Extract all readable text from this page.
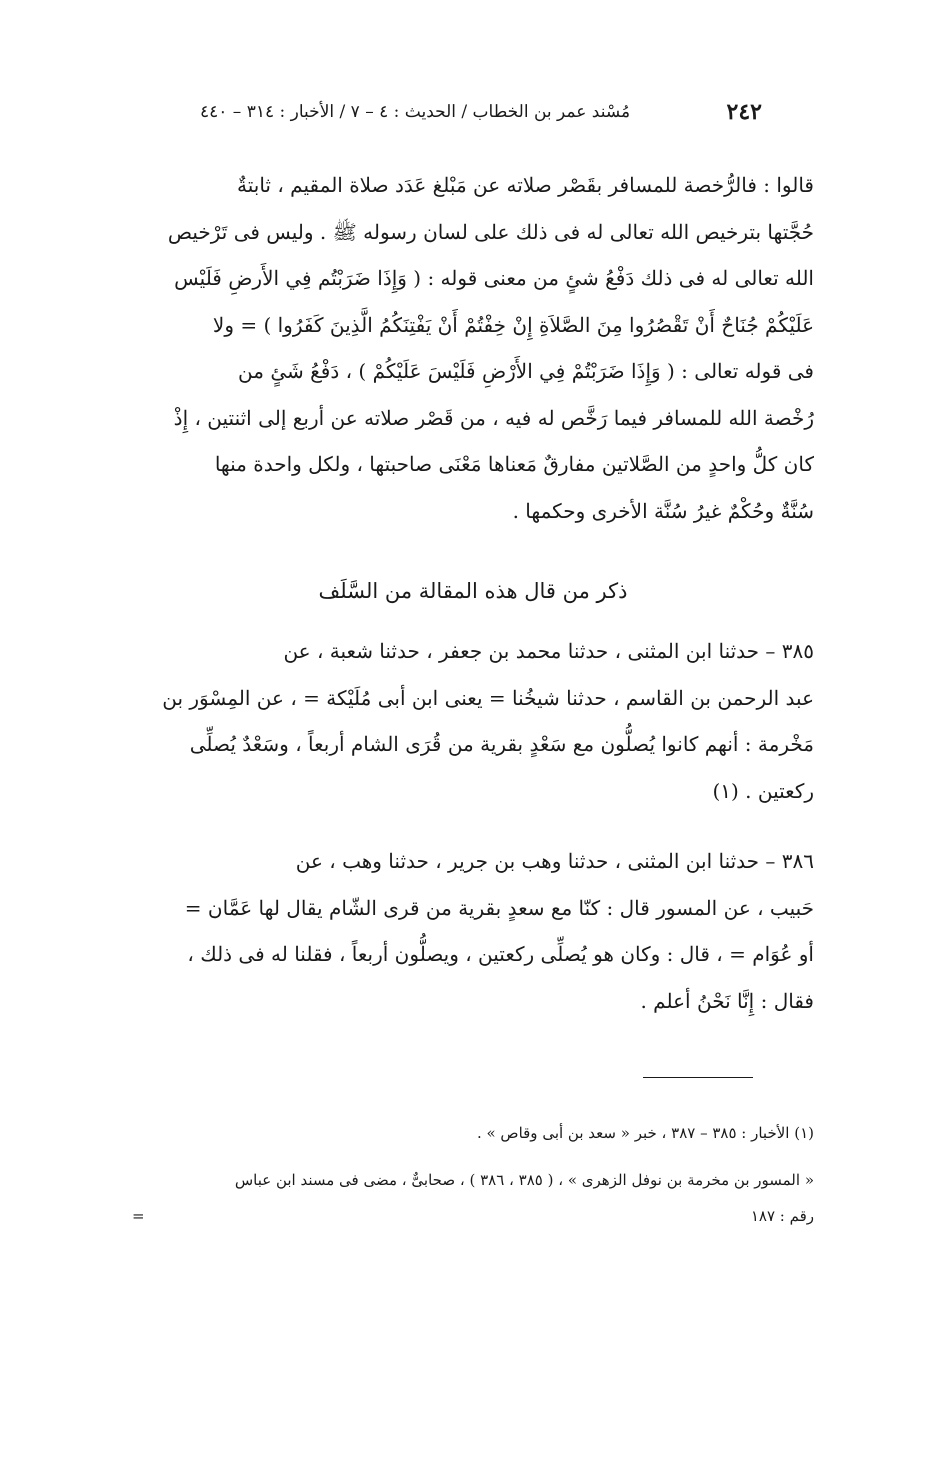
٢٤٢
مُسْند عمر بن الخطاب / الحديث : ٤ – ٧ / الأخبار : ٣١٤ – ٤٤٠
قالوا : فالرُّخصة للمسافر بقَصْر صلاته عن مَبْلغ عَدَد صلاة المقيم ، ثابتةٌ
حُجَّتها بترخيص الله تعالى له فى ذلك على لسان رسوله ﷺ . وليس فى تَرْخيص
الله تعالى له فى ذلك دَفْعُ شئٍ من معنى قوله : ( وَإِذَا ضَرَبْتُم فِي الأَرضِ فَلَيْس
عَلَيْكُمْ جُنَاحٌ أَنْ تَقْصُرُوا مِنَ الصَّلاَةِ إِنْ خِفْتُمْ أَنْ يَفْتِنَكُمُ الَّذِينَ كَفَرُوا ) = ولا
فى قوله تعالى : ( وَإِذَا ضَرَبْتُمْ فِي الأَرْضِ فَلَيْسَ عَلَيْكُمْ ) ، دَفْعُ شَئٍ من
رُخْصة الله للمسافر فيما رَخَّص له فيه ، من قَصْر صلاته عن أربع إلى اثنتين ، إِذْ
كان كلُّ واحدٍ من الصَّلاتين مفارقٌ مَعناها مَعْنَى صاحبتها ، ولكل واحدة منها
سُنَّةٌ وحُكْمٌ غيرُ سُنَّة الأخرى وحكمها .
ذكر من قال هذه المقالة من السَّلَف
٣٨٥ – حدثنا ابن المثنى ، حدثنا محمد بن جعفر ، حدثنا شعبة ، عن
عبد الرحمن بن القاسم ، حدثنا شيخُنا = يعنى ابن أبى مُلَيْكة = ، عن المِسْوَر بن
مَخْرمة : أنهم كانوا يُصلُّون مع سَعْدٍ بقرية من قُرَى الشام أربعاً ، وسَعْدٌ يُصلِّى
ركعتين . (١)
٣٨٦ – حدثنا ابن المثنى ، حدثنا وهب بن جرير ، حدثنا وهب ، عن
حَبيب ، عن المسور قال : كنّا مع سعدٍ بقرية من قرى الشّام يقال لها عَمَّان =
أو عُوَام = ، قال : وكان هو يُصلِّى ركعتين ، ويصلُّون أربعاً ، فقلنا له فى ذلك ،
فقال : إِنَّا نَحْنُ أعلم .
(١) الأخبار : ٣٨٥ – ٣٨٧ ، خبر « سعد بن أبى وقاص » .
« المسور بن مخرمة بن نوفل الزهرى » ، ( ٣٨٥ ، ٣٨٦ ) ، صحابىٌّ ، مضى فى مسند ابن عباس
رقم : ١٨٧
=
